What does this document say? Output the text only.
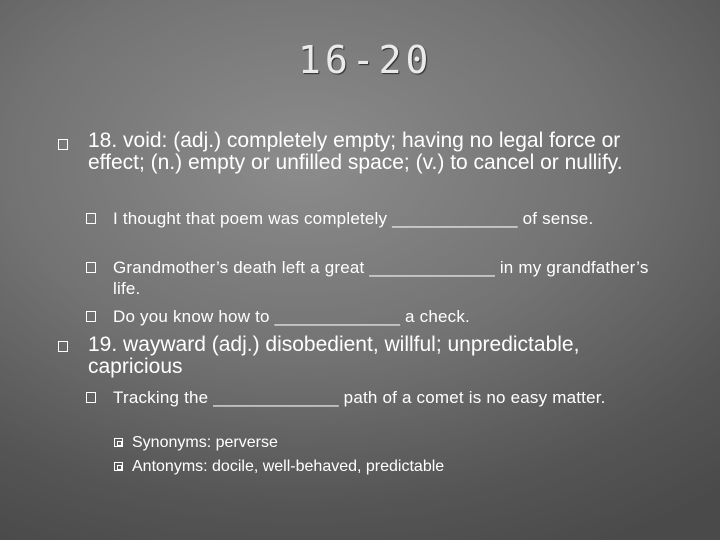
16-20
18. void: (adj.) completely empty; having no legal force or effect; (n.) empty or unfilled space; (v.) to cancel or nullify.
I thought that poem was completely _____________ of sense.
Grandmother’s death left a great _____________ in my grandfather’s life.
Do you know how to _____________ a check.
19. wayward (adj.) disobedient, willful; unpredictable, capricious
Tracking the _____________ path of a comet is no easy matter.
Synonyms: perverse
Antonyms: docile, well-behaved, predictable
